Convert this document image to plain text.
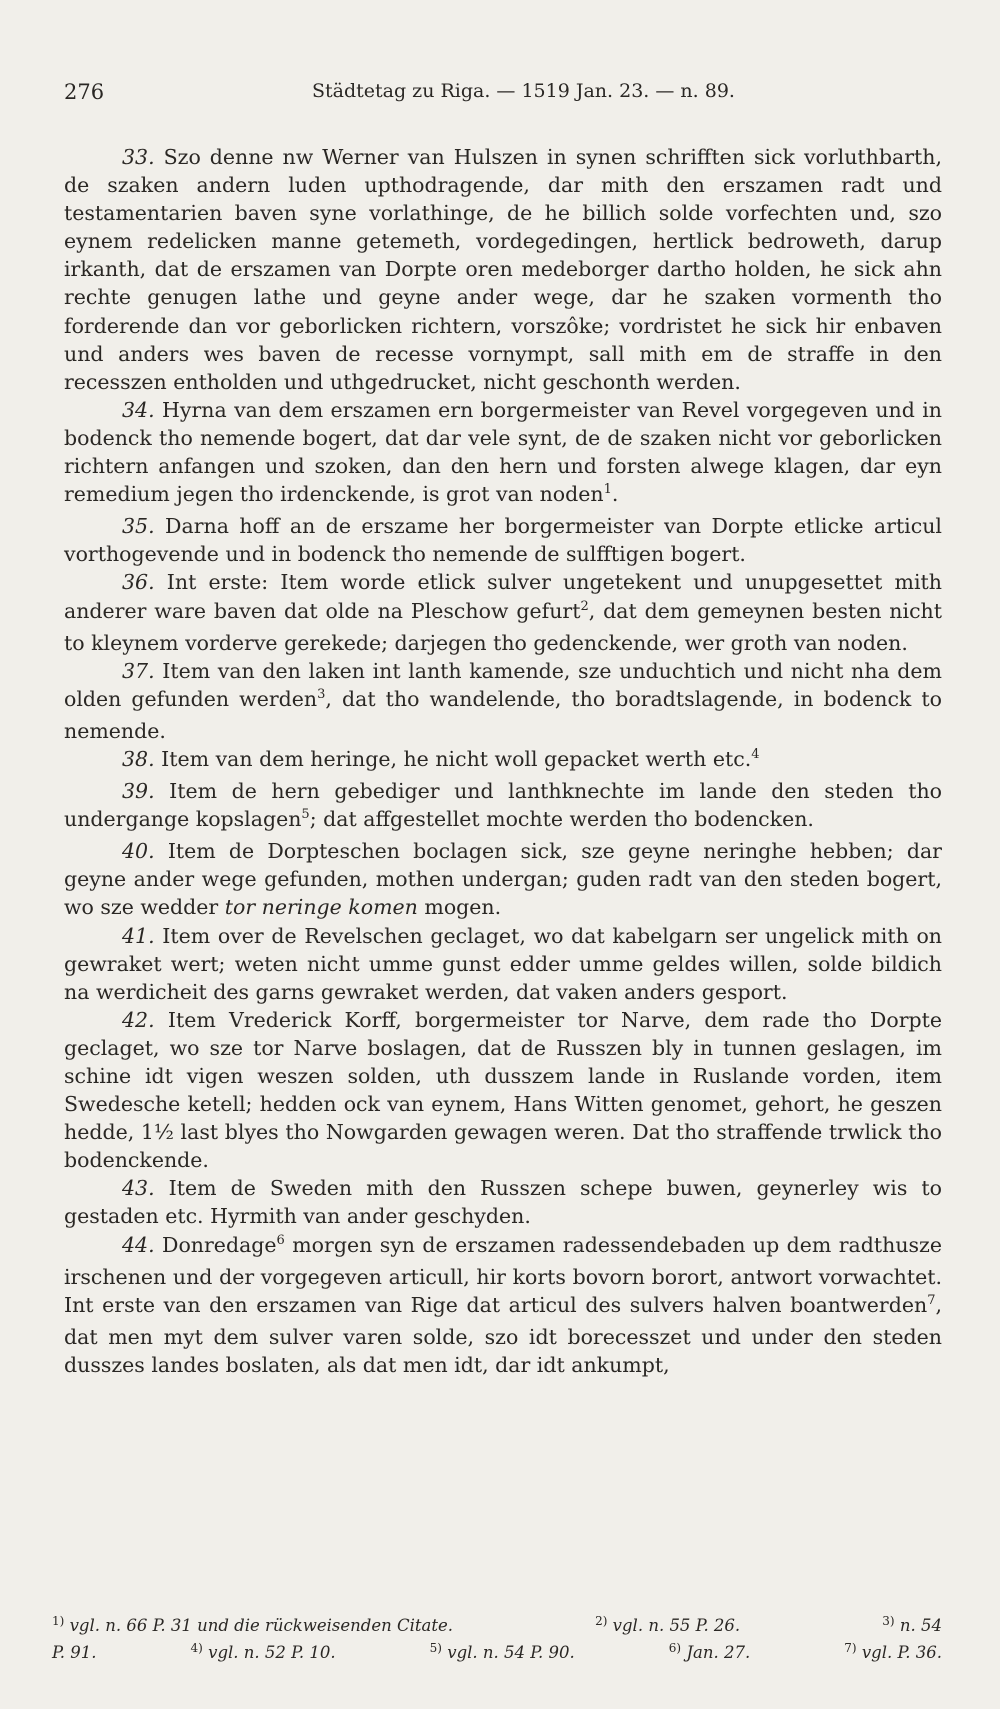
276	Städtetag zu Riga. — 1519 Jan. 23. — n. 89.

33. Szo denne nw Werner van Hulszen in synen schrifften sick vorluthbarth, de szaken andern luden upthodragende, dar mith den erszamen radt und testamentarien baven syne vorlathinge, de he billich solde vorfechten und, szo eynem redelicken manne getemeth, vordegedingen, hertlick bedroweth, darup irkanth, dat de erszamen van Dorpte oren medeborger dartho holden, he sick ahn rechte genugen lathe und geyne ander wege, dar he szaken vormenth tho forderende dan vor geborlicken richtern, vorszôke; vordristet he sick hir enbaven und anders wes baven de recesse vornympt, sall mith em de straffe in den recesszen entholden und uthgedrucket, nicht geschonth werden.

34. Hyrna van dem erszamen ern borgermeister van Revel vorgegeven und in bodenck tho nemende bogert, dat dar vele synt, de de szaken nicht vor geborlicken richtern anfangen und szoken, dan den hern und forsten alwege klagen, dar eyn remedium jegen tho irdenckende, is grot van noden$^1$.

35. Darna hoff an de erszame her borgermeister van Dorpte etlicke articul vorthogevende und in bodenck tho nemende de sulfftigen bogert.

36. Int erste: Item worde etlick sulver ungetekent und unupgesettet mith anderer ware baven dat olde na Pleschow gefurt$^2$, dat dem gemeynen besten nicht to kleynem vorderve gerekede; darjegen tho gedenckende, wer groth van noden.

37. Item van den laken int lanth kamende, sze unduchtich und nicht nha dem olden gefunden werden$^3$, dat tho wandelende, tho boradtslagende, in bodenck to nemende.

38. Item van dem heringe, he nicht woll gepacket werth etc.$^4$

39. Item de hern gebediger und lanthknechte im lande den steden tho undergange kopslagen$^5$; dat affgestellet mochte werden tho bodencken.

40. Item de Dorpteschen boclagen sick, sze geyne neringhe hebben; dar geyne ander wege gefunden, mothen undergan; guden radt van den steden bogert, wo sze wedder tor neringe komen mogen.

41. Item over de Revelschen geclaget, wo dat kabelgarn ser ungelick mith on gewraket wert; weten nicht umme gunst edder umme geldes willen, solde bildich na werdicheit des garns gewraket werden, dat vaken anders gesport.

42. Item Vrederick Korff, borgermeister tor Narve, dem rade tho Dorpte geclaget, wo sze tor Narve boslagen, dat de Russzen bly in tunnen geslagen, im schine idt vigen weszen solden, uth dusszem lande in Ruslande vorden, item Swedesche ketell; hedden ock van eynem, Hans Witten genomet, gehort, he geszen hedde, 1½ last blyes tho Nowgarden gewagen weren. Dat tho straffende trwlick tho bodenckende.

43. Item de Sweden mith den Russzen schepe buwen, geynerley wis to gestaden etc. Hyrmith van ander geschyden.

44. Donredage$^6$ morgen syn de erszamen radessendebaden up dem radthusze irschenen und der vorgegeven articull, hir korts bovorn borort, antwort vorwachtet. Int erste van den erszamen van Rige dat articul des sulvers halven boantwerden$^7$, dat men myt dem sulver varen solde, szo idt borecesszet und under den steden dusszes landes boslaten, als dat men idt, dar idt ankumpt,

$^{1)}$ vgl. n. 66 P. 31 und die rückweisenden Citate.	$^{2)}$ vgl. n. 55 P. 26.	$^{3)}$ n. 54

P. 91.	$^{4)}$ vgl. n. 52 P. 10.	$^{5)}$ vgl. n. 54 P. 90.	$^{6)}$ Jan. 27.	$^{7)}$ vgl. P. 36.
